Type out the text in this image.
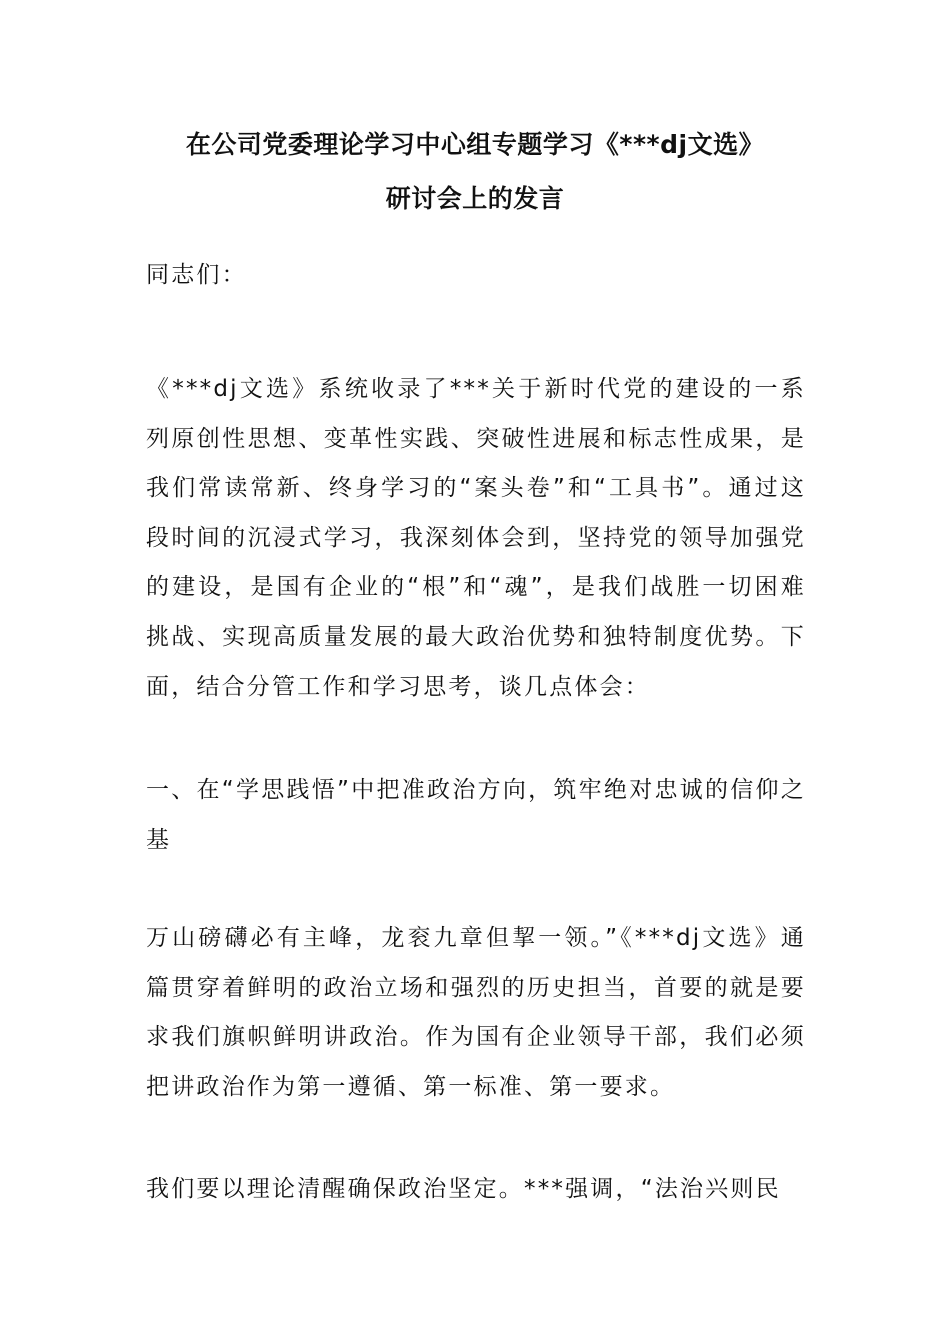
在公司党委理论学习中心组专题学习《***dj文选》
研讨会上的发言

同志们：

《***dj文选》系统收录了***关于新时代党的建设的一系列原创性思想、变革性实践、突破性进展和标志性成果，是我们常读常新、终身学习的“案头卷”和“工具书”。通过这段时间的沉浸式学习，我深刻体会到，坚持党的领导加强党的建设，是国有企业的“根”和“魂”，是我们战胜一切困难挑战、实现高质量发展的最大政治优势和独特制度优势。下面，结合分管工作和学习思考，谈几点体会：

一、在“学思践悟”中把准政治方向，筑牢绝对忠诚的信仰之基

万山磅礴必有主峰，龙衮九章但挈一领。”《***dj文选》通篇贯穿着鲜明的政治立场和强烈的历史担当，首要的就是要求我们旗帜鲜明讲政治。作为国有企业领导干部，我们必须把讲政治作为第一遵循、第一标准、第一要求。

我们要以理论清醒确保政治坚定。***强调，“法治兴则民
